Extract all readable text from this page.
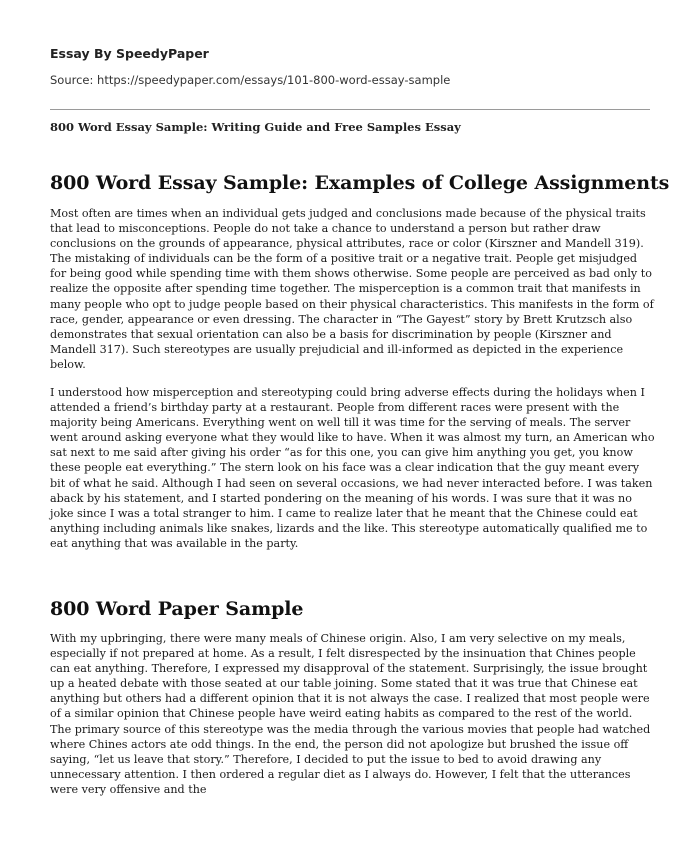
Essay By SpeedyPaper
Source: https://speedypaper.com/essays/101-800-word-essay-sample
800 Word Essay Sample: Writing Guide and Free Samples Essay
800 Word Essay Sample: Examples of College Assignments

Most often are times when an individual gets judged and conclusions made because of the physical traits that lead to misconceptions. People do not take a chance to understand a person but rather draw conclusions on the grounds of appearance, physical attributes, race or color (Kirszner and Mandell 319). The mistaking of individuals can be the form of a positive trait or a negative trait. People get misjudged for being good while spending time with them shows otherwise. Some people are perceived as bad only to realize the opposite after spending time together. The misperception is a common trait that manifests in many people who opt to judge people based on their physical characteristics. This manifests in the form of race, gender, appearance or even dressing. The character in “The Gayest” story by Brett Krutzsch also demonstrates that sexual orientation can also be a basis for discrimination by people (Kirszner and Mandell 317). Such stereotypes are usually prejudicial and ill-informed as depicted in the experience below.

I understood how misperception and stereotyping could bring adverse effects during the holidays when I attended a friend’s birthday party at a restaurant. People from different races were present with the majority being Americans. Everything went on well till it was time for the serving of meals. The server went around asking everyone what they would like to have. When it was almost my turn, an American who sat next to me said after giving his order “as for this one, you can give him anything you get, you know these people eat everything.” The stern look on his face was a clear indication that the guy meant every bit of what he said. Although I had seen on several occasions, we had never interacted before. I was taken aback by his statement, and I started pondering on the meaning of his words. I was sure that it was no joke since I was a total stranger to him. I came to realize later that he meant that the Chinese could eat anything including animals like snakes, lizards and the like. This stereotype automatically qualified me to eat anything that was available in the party.

800 Word Paper Sample

With my upbringing, there were many meals of Chinese origin. Also, I am very selective on my meals, especially if not prepared at home. As a result, I felt disrespected by the insinuation that Chines people can eat anything. Therefore, I expressed my disapproval of the statement. Surprisingly, the issue brought up a heated debate with those seated at our table joining. Some stated that it was true that Chinese eat anything but others had a different opinion that it is not always the case. I realized that most people were of a similar opinion that Chinese people have weird eating habits as compared to the rest of the world. The primary source of this stereotype was the media through the various movies that people had watched where Chines actors ate odd things. In the end, the person did not apologize but brushed the issue off saying, “let us leave that story.” Therefore, I decided to put the issue to bed to avoid drawing any unnecessary attention. I then ordered a regular diet as I always do. However, I felt that the utterances were very offensive and the
